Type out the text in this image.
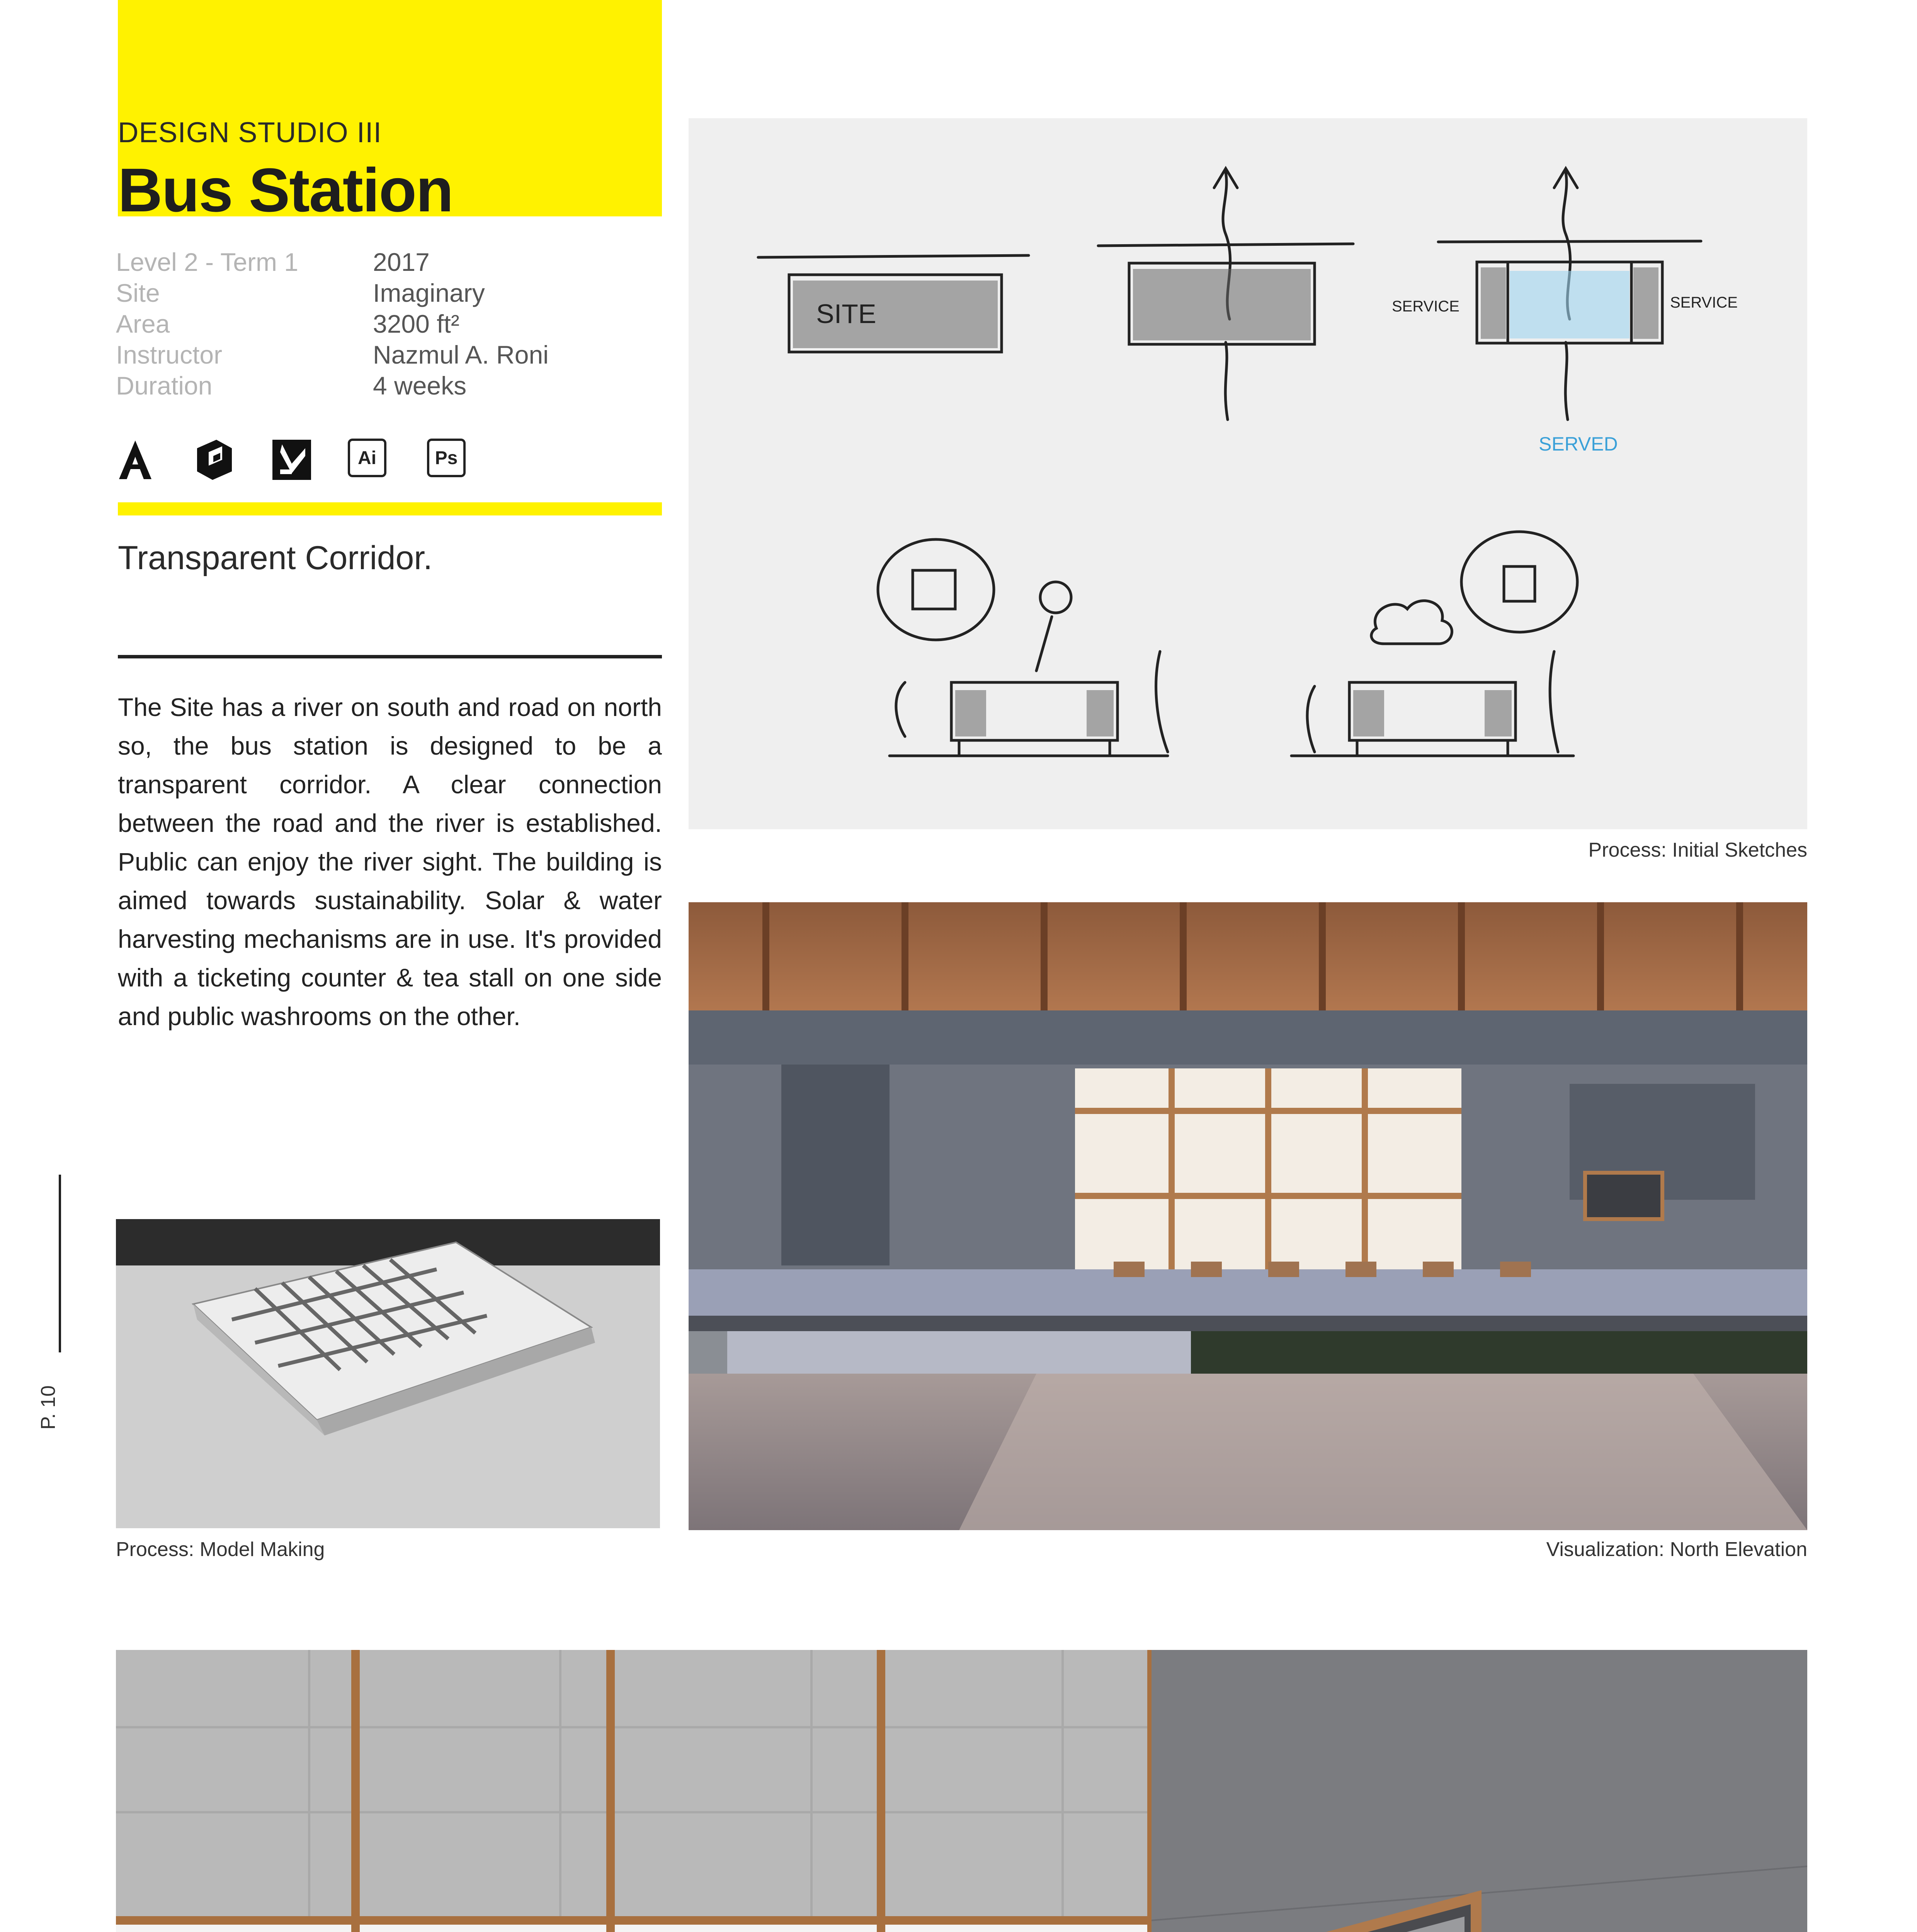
DESIGN STUDIO III
Bus Station
Level 2 - Term 1	2017
Site	Imaginary
Area	3200 ft²
Instructor	Nazmul A. Roni
Duration	4 weeks
Ai	Ps
Transparent Corridor.
The Site has a river on south and road on north so, the bus station is designed to be a transparent corridor. A clear connection between the road and the river is established. Public can enjoy the river sight. The building is aimed towards sustainability. Solar & water harvesting mechanisms are in use. It's provided with a ticketing counter & tea stall on one side and public washrooms on the other.
P. 10
SITE	SERVICE	SERVICE
SERVED
Process: Initial Sketches
Visualization: North Elevation
Process: Model Making
